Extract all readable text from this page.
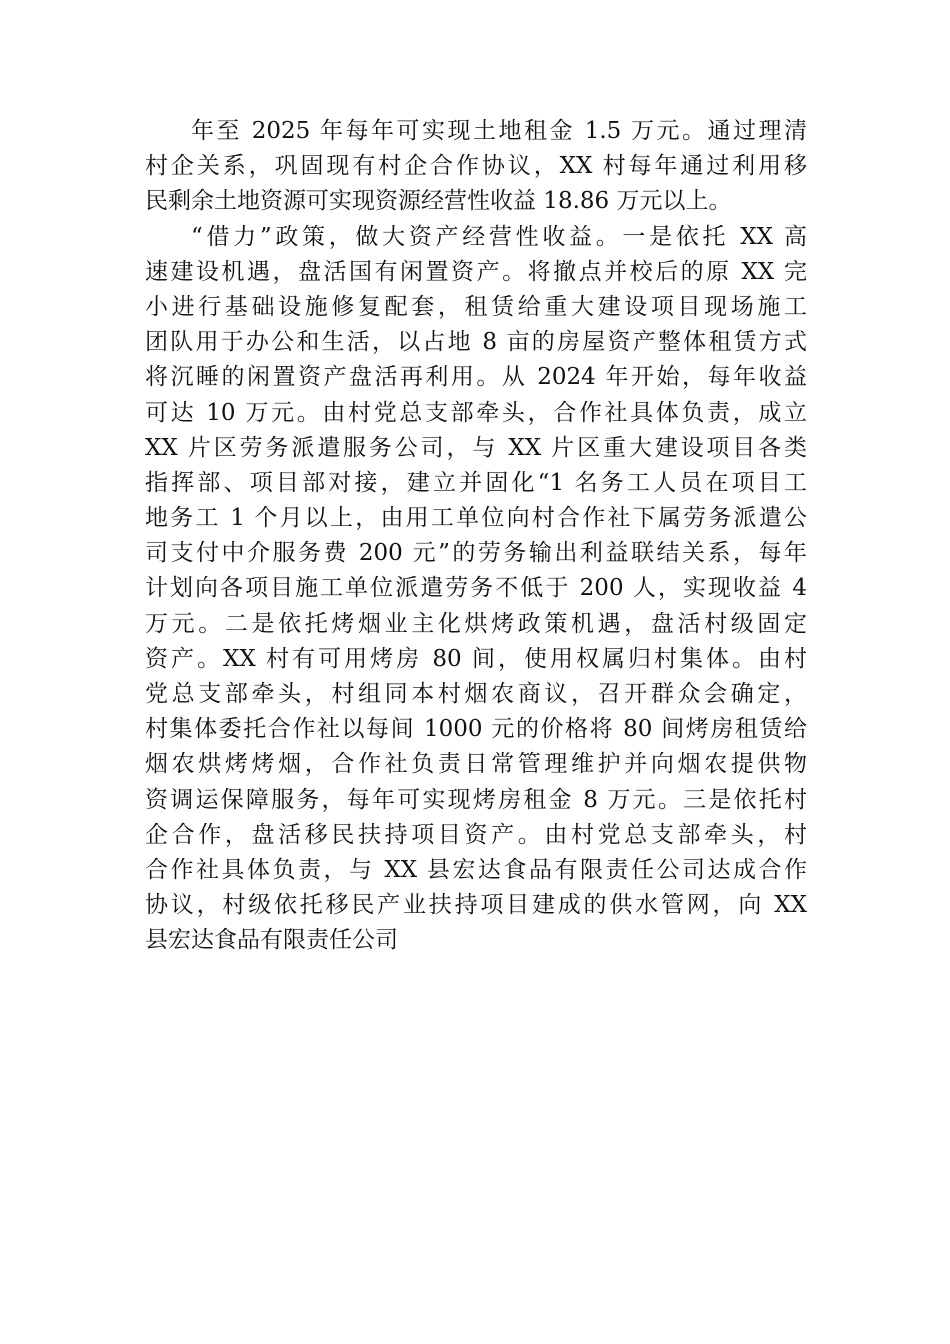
年至 2025 年每年可实现土地租金 1.5 万元。通过理清
村企关系，巩固现有村企合作协议，XX 村每年通过利用移
民剩余土地资源可实现资源经营性收益 18.86 万元以上。
“借力”政策，做大资产经营性收益。一是依托 XX 高
速建设机遇，盘活国有闲置资产。将撤点并校后的原 XX 完
小进行基础设施修复配套，租赁给重大建设项目现场施工
团队用于办公和生活，以占地 8 亩的房屋资产整体租赁方式
将沉睡的闲置资产盘活再利用。从 2024 年开始，每年收益
可达 10 万元。由村党总支部牵头，合作社具体负责，成立
XX 片区劳务派遣服务公司，与 XX 片区重大建设项目各类
指挥部、项目部对接，建立并固化“1 名务工人员在项目工
地务工 1 个月以上，由用工单位向村合作社下属劳务派遣公
司支付中介服务费 200 元”的劳务输出利益联结关系，每年
计划向各项目施工单位派遣劳务不低于 200 人，实现收益 4
万元。二是依托烤烟业主化烘烤政策机遇，盘活村级固定
资产。XX 村有可用烤房 80 间，使用权属归村集体。由村
党总支部牵头，村组同本村烟农商议，召开群众会确定，
村集体委托合作社以每间 1000 元的价格将 80 间烤房租赁给
烟农烘烤烤烟，合作社负责日常管理维护并向烟农提供物
资调运保障服务，每年可实现烤房租金 8 万元。三是依托村
企合作，盘活移民扶持项目资产。由村党总支部牵头，村
合作社具体负责，与 XX 县宏达食品有限责任公司达成合作
协议，村级依托移民产业扶持项目建成的供水管网，向 XX
县宏达食品有限责任公司
